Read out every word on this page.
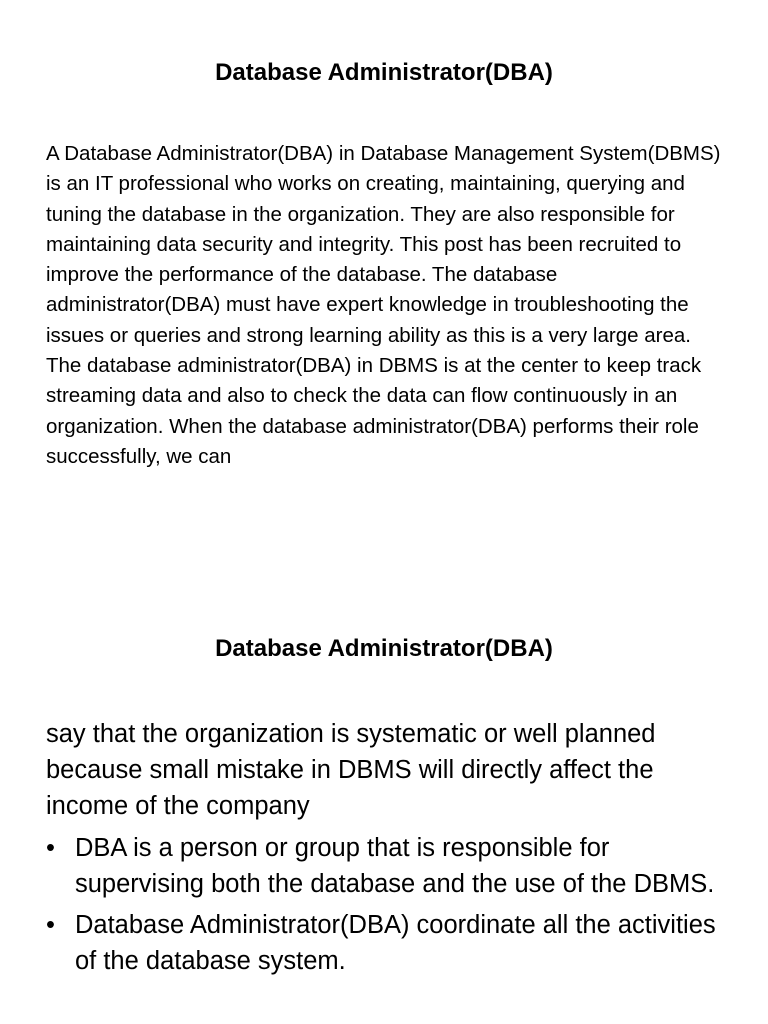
Database Administrator(DBA)

A Database Administrator(DBA) in Database Management System(DBMS) is an IT professional who works on creating, maintaining, querying and tuning the database in the organization. They are also responsible for maintaining data security and integrity. This post has been recruited to improve the performance of the database. The database administrator(DBA) must have expert knowledge in troubleshooting the issues or queries and strong learning ability as this is a very large area. The database administrator(DBA) in DBMS is at the center to keep track streaming data and also to check the data can flow continuously in an organization. When the database administrator(DBA) performs their role successfully, we can

Database Administrator(DBA)

say that the organization is systematic or well planned because small mistake in DBMS will directly affect the income of the company

• DBA is a person or group that is responsible for supervising both the database and the use of the DBMS.
• Database Administrator(DBA) coordinate all the activities of the database system.
